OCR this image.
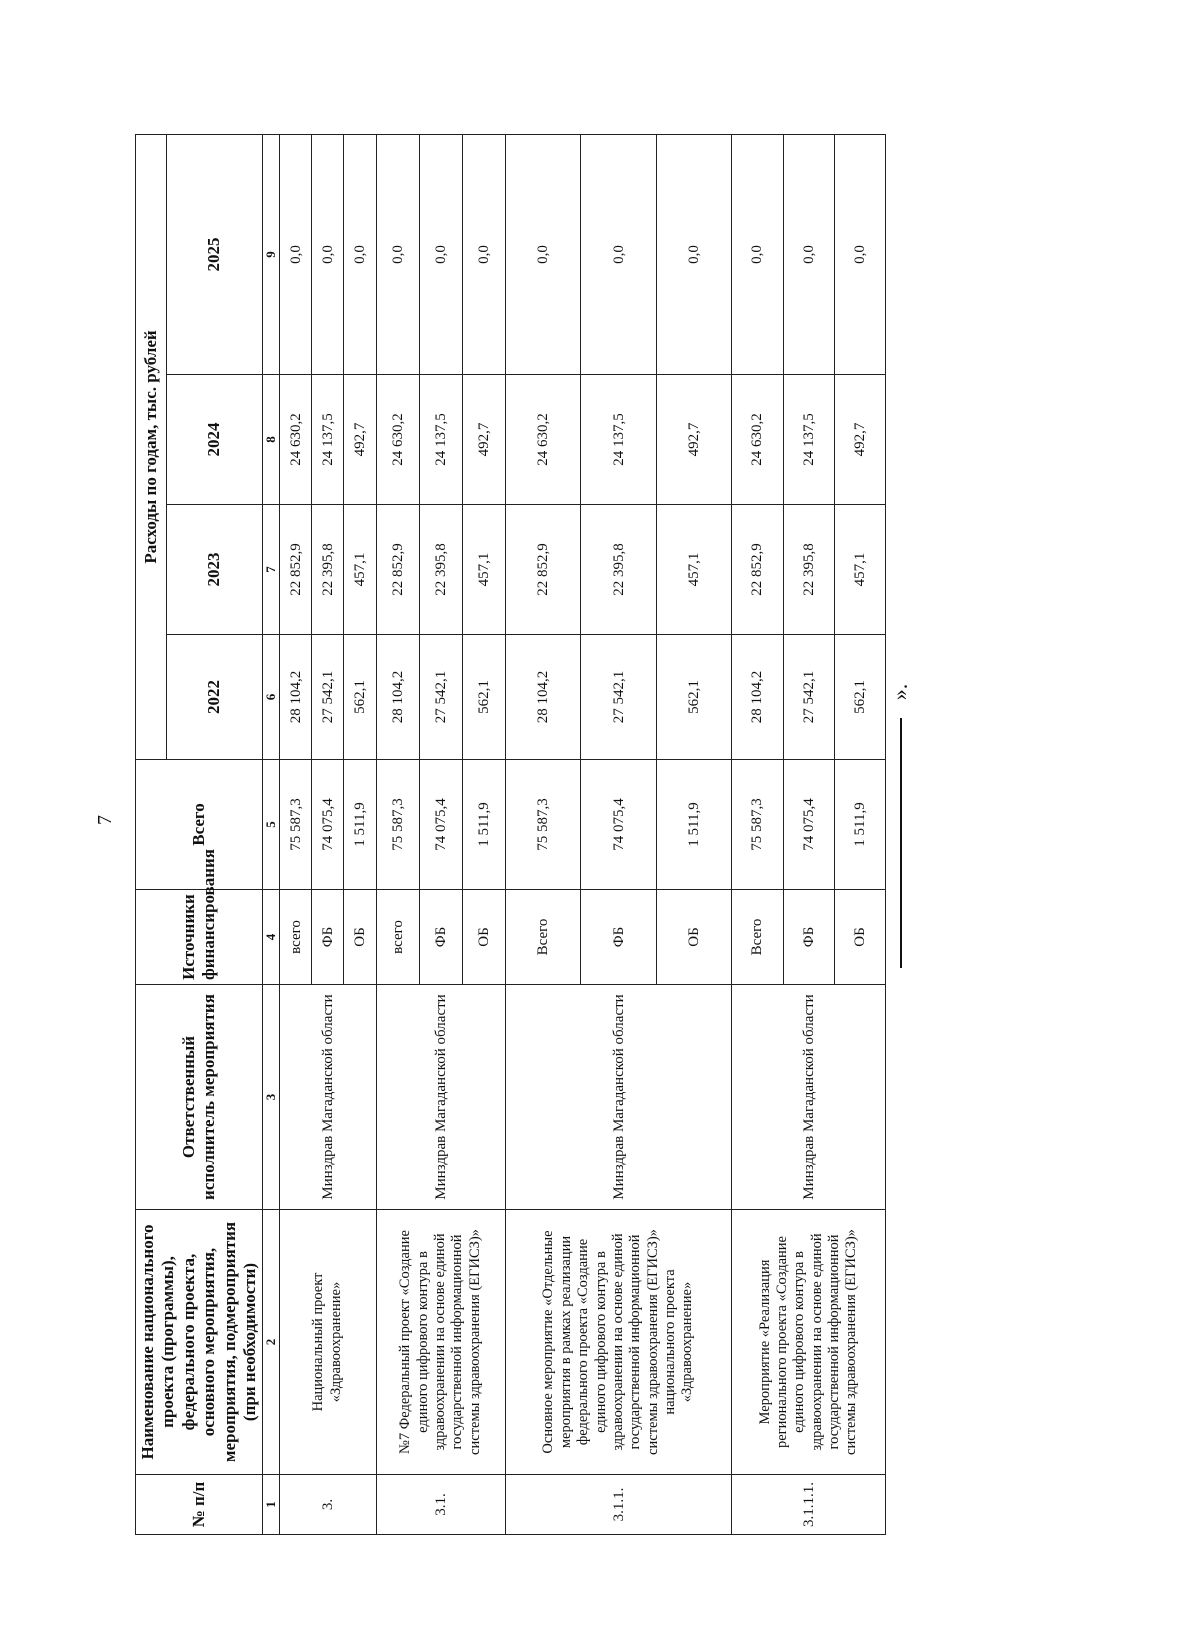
7
».
№ п/п	Наименование национального проекта (программы), федерального проекта, основного мероприятия, мероприятия, подмероприятия (при необходимости)	Ответственный исполнитель мероприятия	Источники финансирования	Всего	Расходы по годам, тыс. рублей			
					2022	2023	2024	2025
1	2	3	4	5	6	7	8	9
3.	Национальный проект «Здравоохранение»	Минздрав Магаданской области	всего	75 587,3	28 104,2	22 852,9	24 630,2	0,0
			ФБ	74 075,4	27 542,1	22 395,8	24 137,5	0,0
			ОБ	1 511,9	562,1	457,1	492,7	0,0
3.1.	№7 Федеральный проект «Создание единого цифрового контура в здравоохранении на основе единой государственной информационной системы здравоохранения (ЕГИСЗ)»	Минздрав Магаданской области	всего	75 587,3	28 104,2	22 852,9	24 630,2	0,0
			ФБ	74 075,4	27 542,1	22 395,8	24 137,5	0,0
			ОБ	1 511,9	562,1	457,1	492,7	0,0
3.1.1.	Основное мероприятие «Отдельные мероприятия в рамках реализации федерального проекта «Создание единого цифрового контура в здравоохранении на основе единой государственной информационной системы здравоохранения (ЕГИСЗ)» национального проекта «Здравоохранение»	Минздрав Магаданской области	Всего	75 587,3	28 104,2	22 852,9	24 630,2	0,0
			ФБ	74 075,4	27 542,1	22 395,8	24 137,5	0,0
			ОБ	1 511,9	562,1	457,1	492,7	0,0
3.1.1.1.	Мероприятие «Реализация регионального проекта «Создание единого цифрового контура в здравоохранении на основе единой государственной информационной системы здравоохранения (ЕГИСЗ)»	Минздрав Магаданской области	Всего	75 587,3	28 104,2	22 852,9	24 630,2	0,0
			ФБ	74 075,4	27 542,1	22 395,8	24 137,5	0,0
			ОБ	1 511,9	562,1	457,1	492,7	0,0
